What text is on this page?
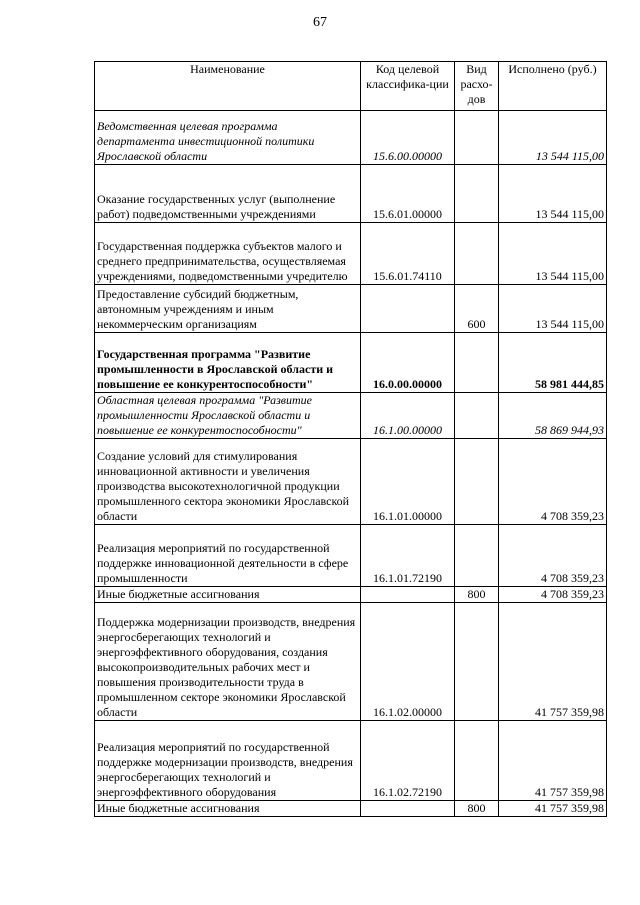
67
Наименование	Код целевой классифика-ции	Вид расхо-дов	Исполнено (руб.)
Ведомственная целевая программа департамента инвестиционной политики Ярославской области	15.6.00.00000		13 544 115,00
Оказание государственных услуг (выполнение работ) подведомственными учреждениями	15.6.01.00000		13 544 115,00
Государственная поддержка субъектов малого и среднего предпринимательства, осуществляемая учреждениями, подведомственными учредителю	15.6.01.74110		13 544 115,00
Предоставление субсидий бюджетным, автономным учреждениям и иным некоммерческим организациям		600	13 544 115,00
Государственная программа "Развитие промышленности в Ярославской области и повышение ее конкурентоспособности"	16.0.00.00000		58 981 444,85
Областная целевая программа "Развитие промышленности Ярославской области и повышение ее конкурентоспособности"	16.1.00.00000		58 869 944,93
Создание условий для стимулирования инновационной активности и увеличения производства высокотехнологичной продукции промышленного сектора экономики Ярославской области	16.1.01.00000		4 708 359,23
Реализация мероприятий по государственной поддержке инновационной деятельности в сфере промышленности	16.1.01.72190		4 708 359,23
Иные бюджетные ассигнования		800	4 708 359,23
Поддержка модернизации производств, внедрения энергосберегающих технологий и энергоэффективного оборудования, создания высокопроизводительных рабочих мест и повышения производительности труда в промышленном секторе экономики Ярославской области	16.1.02.00000		41 757 359,98
Реализация мероприятий по государственной поддержке модернизации производств, внедрения энергосберегающих технологий и энергоэффективного оборудования	16.1.02.72190		41 757 359,98
Иные бюджетные ассигнования		800	41 757 359,98
